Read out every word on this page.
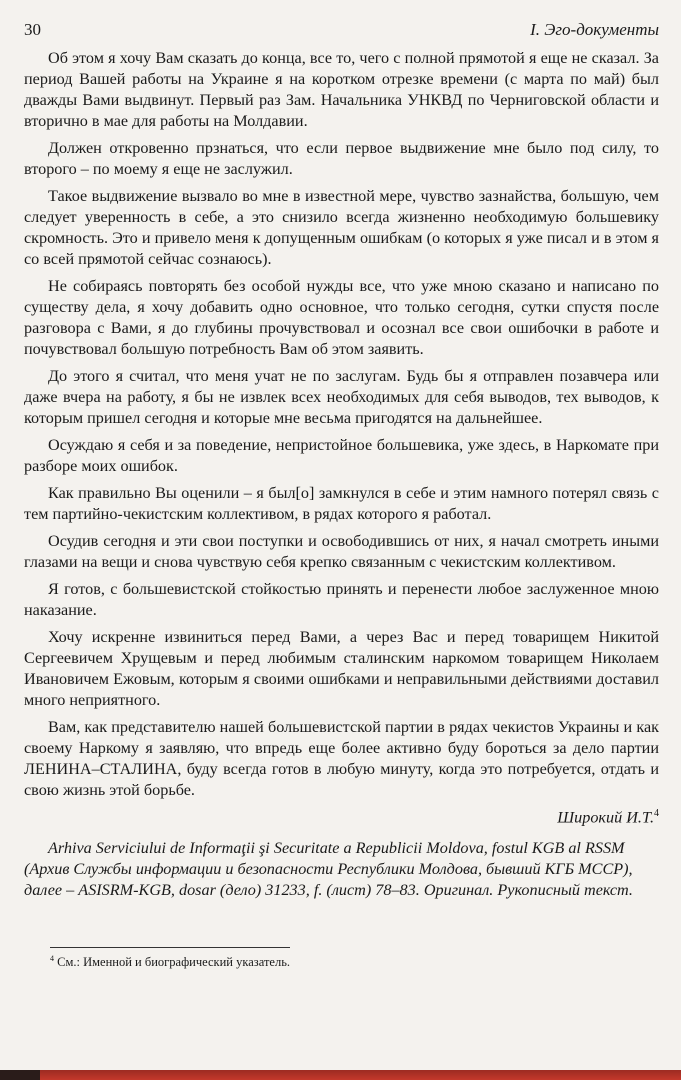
30	I. Эго-документы

Об этом я хочу Вам сказать до конца, все то, чего с полной прямотой я еще не сказал. За период Вашей работы на Украине я на коротком отрезке времени (с марта по май) был дважды Вами выдвинут. Первый раз Зам. Начальника УНКВД по Черниговской области и вторично в мае для работы на Молдавии.

Должен откровенно прзнаться, что если первое выдвижение мне было под силу, то второго – по моему я еще не заслужил.

Такое выдвижение вызвало во мне в известной мере, чувство зазнайства, большую, чем следует уверенность в себе, а это снизило всегда жизненно необходимую большевику скромность. Это и привело меня к допущенным ошибкам (о которых я уже писал и в этом я со всей прямотой сейчас сознаюсь).

Не собираясь повторять без особой нужды все, что уже мною сказано и написано по существу дела, я хочу добавить одно основное, что только сегодня, сутки спустя после разговора с Вами, я до глубины прочувствовал и осознал все свои ошибочки в работе и почувствовал большую потребность Вам об этом заявить.

До этого я считал, что меня учат не по заслугам. Будь бы я отправлен позавчера или даже вчера на работу, я бы не извлек всех необходимых для себя выводов, тех выводов, к которым пришел сегодня и которые мне весьма пригодятся на дальнейшее.

Осуждаю я себя и за поведение, непристойное большевика, уже здесь, в Наркомате при разборе моих ошибок.

Как правильно Вы оценили – я был[о] замкнулся в себе и этим намного потерял связь с тем партийно-чекистским коллективом, в рядах которого я работал.

Осудив сегодня и эти свои поступки и освободившись от них, я начал смотреть иными глазами на вещи и снова чувствую себя крепко связанным с чекистским коллективом.

Я готов, с большевистской стойкостью принять и перенести любое заслуженное мною наказание.

Хочу искренне извиниться перед Вами, а через Вас и перед товарищем Никитой Сергеевичем Хрущевым и перед любимым сталинским наркомом товарищем Николаем Ивановичем Ежовым, которым я своими ошибками и неправильными действиями доставил много неприятного.

Вам, как представителю нашей большевистской партии в рядах чекистов Украины и как своему Наркому я заявляю, что впредь еще более активно буду бороться за дело партии ЛЕНИНА–СТАЛИНА, буду всегда готов в любую минуту, когда это потребуется, отдать и свою жизнь этой борьбе.

Широкий И.Т.$^4$

Arhiva Serviciului de Informaţii şi Securitate a Republicii Moldova, fostul KGB al RSSM (Архив Службы информации и безопасности Республики Молдова, бывший КГБ МССР), далее – ASISRM-KGB, dosar (дело) 31233, f. (лист) 78–83. Оригинал. Рукописный текст.

$^4$ См.: Именной и биографический указатель.
